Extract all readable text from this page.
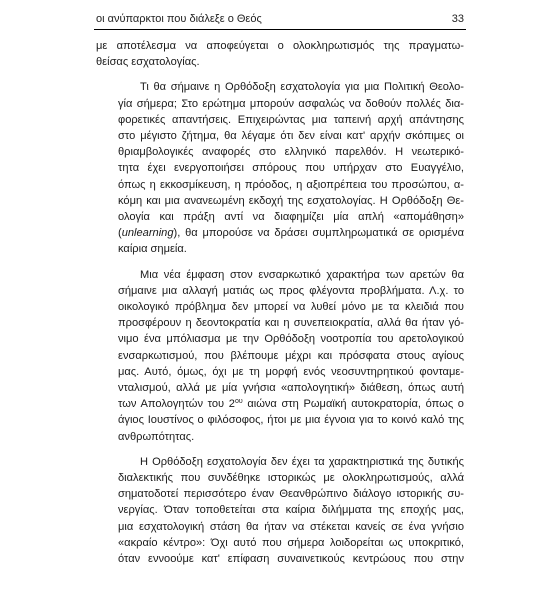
οι ανύπαρκτοι που διάλεξε ο Θεός	33

με αποτέλεσμα να αποφεύγεται ο ολοκληρωτισμός της πραγματω-
θείσας εσχατολογίας.

Τι θα σήμαινε η Ορθόδοξη εσχατολογία για μια Πολιτική Θεολο-
γία σήμερα; Στο ερώτημα μπορούν ασφαλώς να δοθούν πολλές δια-
φορετικές απαντήσεις. Επιχειρώντας μια ταπεινή αρχή απάντησης
στο μέγιστο ζήτημα, θα λέγαμε ότι δεν είναι κατ' αρχήν σκόπιμες οι
θριαμβολογικές αναφορές στο ελληνικό παρελθόν. Η νεωτερικό-
τητα έχει ενεργοποιήσει σπόρους που υπήρχαν στο Ευαγγέλιο,
όπως η εκκοσμίκευση, η πρόοδος, η αξιοπρέπεια του προσώπου, α-
κόμη και μια ανανεωμένη εκδοχή της εσχατολογίας. Η Ορθόδοξη Θε-
ολογία και πράξη αντί να διαφημίζει μία απλή «απομάθηση»
(unlearning), θα μπορούσε να δράσει συμπληρωματικά σε ορισμένα
καίρια σημεία.

Μια νέα έμφαση στον ενσαρκωτικό χαρακτήρα των αρετών θα
σήμαινε μια αλλαγή ματιάς ως προς φλέγοντα προβλήματα. Λ.χ. το
οικολογικό πρόβλημα δεν μπορεί να λυθεί μόνο με τα κλειδιά που
προσφέρουν η δεοντοκρατία και η συνεπειοκρατία, αλλά θα ήταν γό-
νιμο ένα μπόλιασμα με την Ορθόδοξη νοοτροπία του αρετολογικού
ενσαρκωτισμού, που βλέπουμε μέχρι και πρόσφατα στους αγίους
μας. Αυτό, όμως, όχι με τη μορφή ενός νεοσυντηρητικού φονταμε-
νταλισμού, αλλά με μία γνήσια «απολογητική» διάθεση, όπως αυτή
των Απολογητών του $2^{o\upsilon}$ αιώνα στη Ρωμαϊκή αυτοκρατορία, όπως ο
άγιος Ιουστίνος ο φιλόσοφος, ήτοι με μια έγνοια για το κοινό καλό της
ανθρωπότητας.

Η Ορθόδοξη εσχατολογία δεν έχει τα χαρακτηριστικά της δυτικής
διαλεκτικής που συνδέθηκε ιστορικώς με ολοκληρωτισμούς, αλλά
σηματοδοτεί περισσότερο έναν Θεανθρώπινο διάλογο ιστορικής συ-
νεργίας. Όταν τοποθετείται στα καίρια διλήμματα της εποχής μας,
μια εσχατολογική στάση θα ήταν να στέκεται κανείς σε ένα γνήσιο
«ακραίο κέντρο»: Όχι αυτό που σήμερα λοιδορείται ως υποκριτικό,
όταν εννοούμε κατ' επίφαση συναινετικούς κεντρώους που στην
